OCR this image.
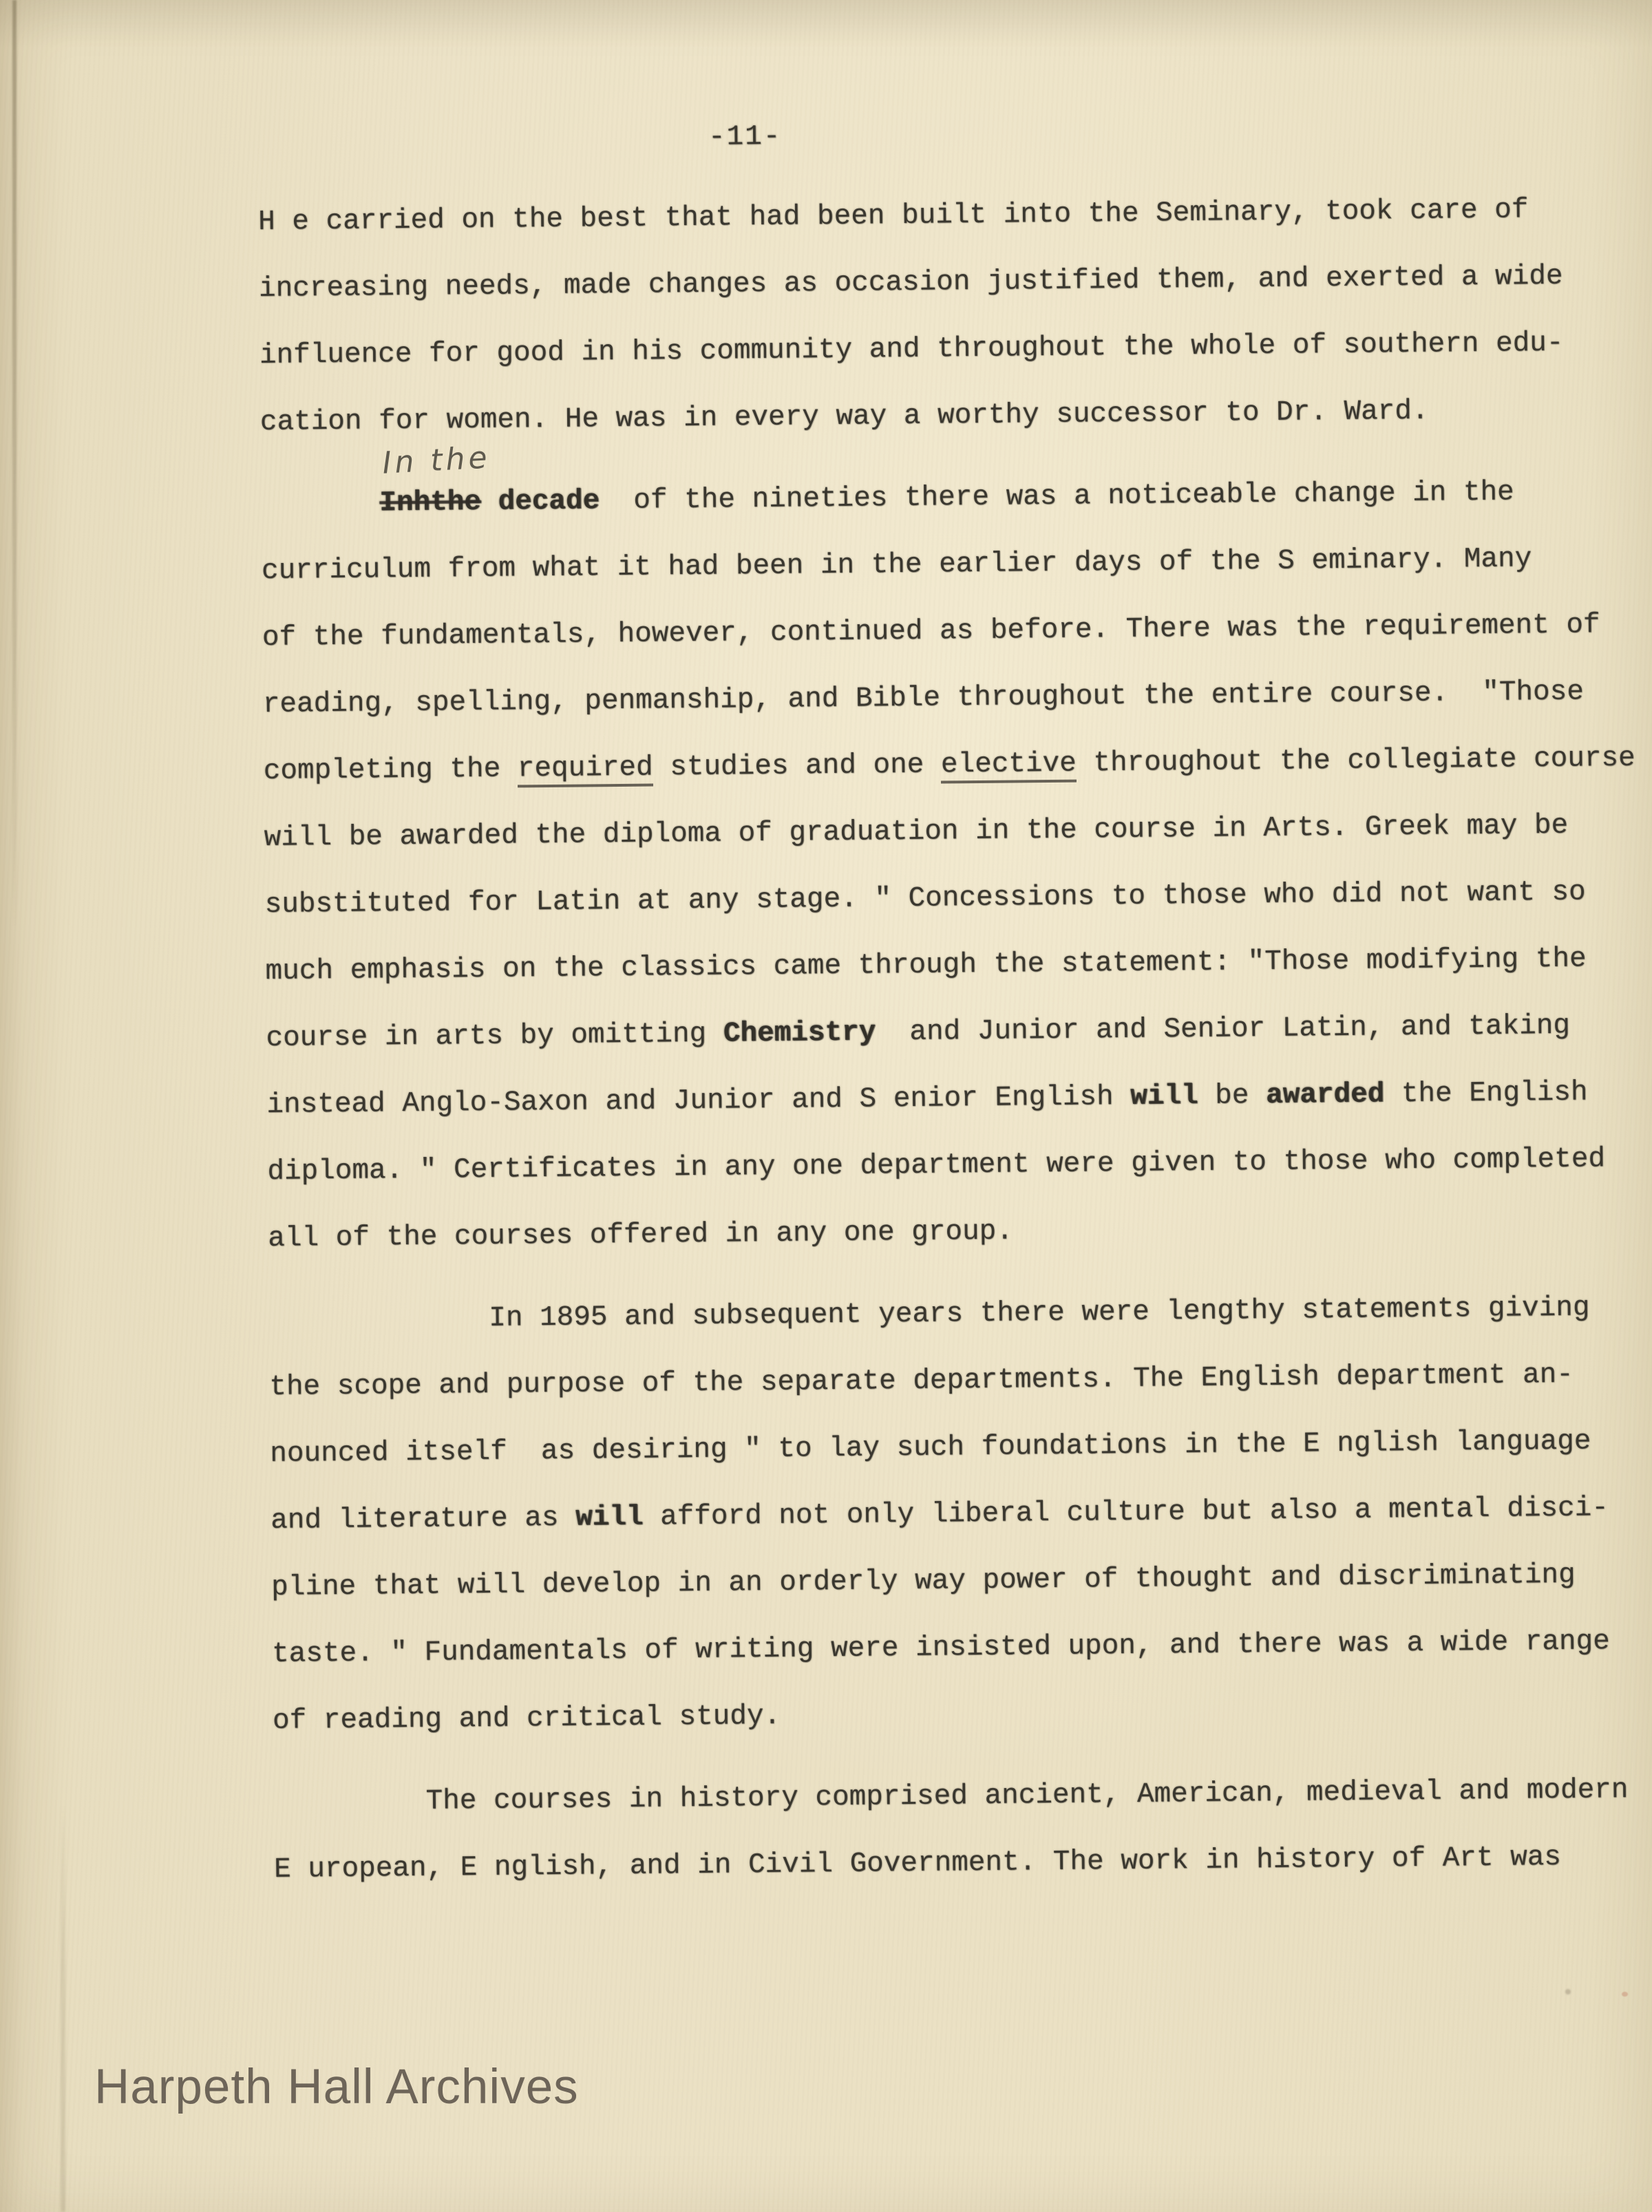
-11-
In the
H e carried on the best that had been built into the Seminary, took care of
increasing needs, made changes as occasion justified them, and exerted a wide
influence for good in his community and throughout the whole of southern edu-
cation for women. He was in every way a worthy successor to Dr. Ward.
Inhthe decade  of the nineties there was a noticeable change in the
curriculum from what it had been in the earlier days of the S eminary. Many
of the fundamentals, however, continued as before. There was the requirement of
reading, spelling, penmanship, and Bible throughout the entire course.  "Those
completing the required studies and one elective throughout the collegiate course
will be awarded the diploma of graduation in the course in Arts. Greek may be
substituted for Latin at any stage. " Concessions to those who did not want so
much emphasis on the classics came through the statement: "Those modifying the
course in arts by omitting Chemistry  and Junior and Senior Latin, and taking
instead Anglo-Saxon and Junior and S enior English will be awarded the English
diploma. " Certificates in any one department were given to those who completed
all of the courses offered in any one group.
In 1895 and subsequent years there were lengthy statements giving
the scope and purpose of the separate departments. The English department an-
nounced itself  as desiring " to lay such foundations in the E nglish language
and literature as will afford not only liberal culture but also a mental disci-
pline that will develop in an orderly way power of thought and discriminating
taste. " Fundamentals of writing were insisted upon, and there was a wide range
of reading and critical study.
The courses in history comprised ancient, American, medieval and modern
E uropean, E nglish, and in Civil Government. The work in history of Art was
Harpeth Hall Archives
